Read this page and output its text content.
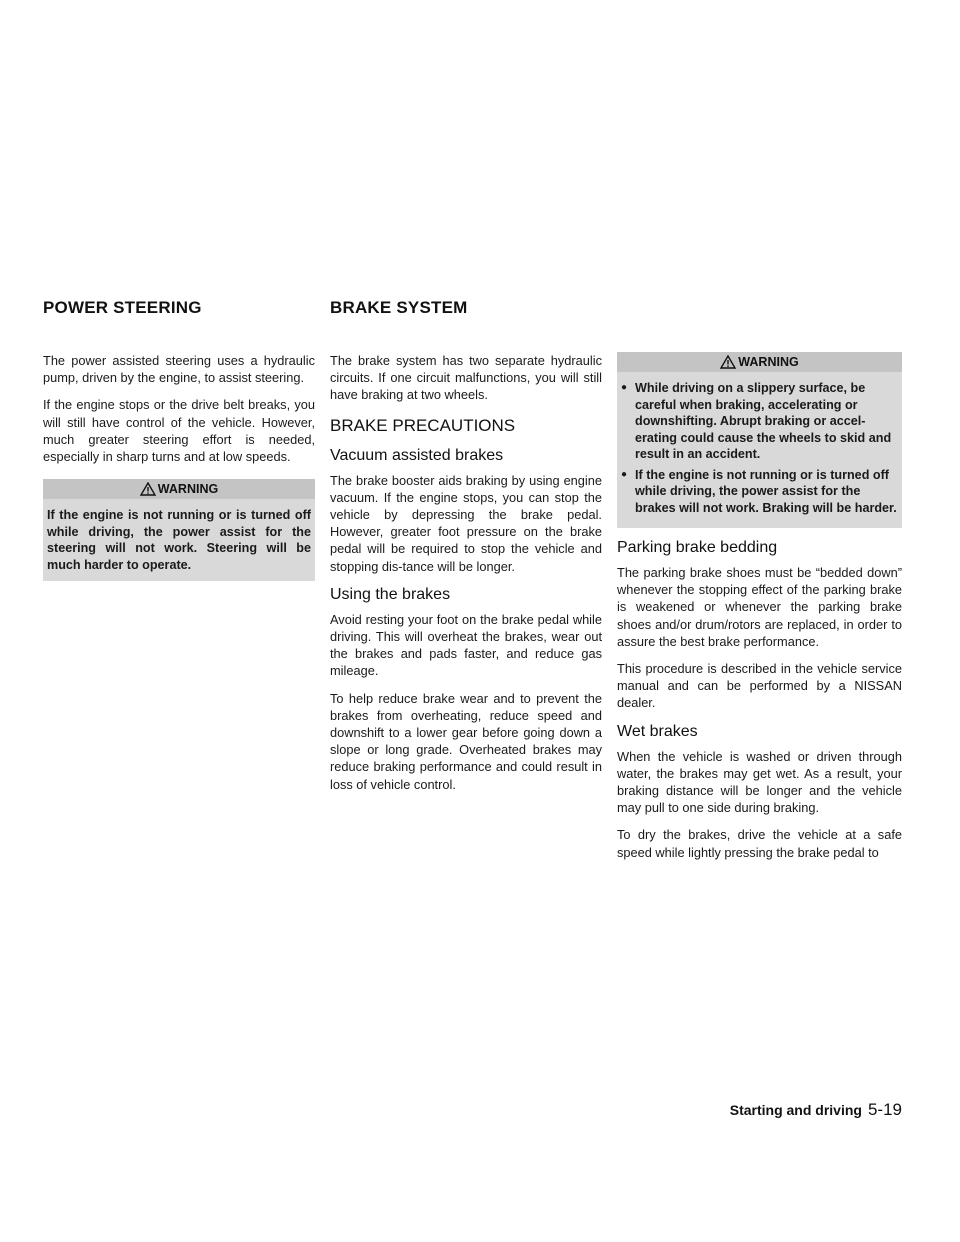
POWER STEERING	BRAKE SYSTEM

The power assisted steering uses a hydraulic pump, driven by the engine, to assist steering.

If the engine stops or the drive belt breaks, you will still have control of the vehicle. However, much greater steering effort is needed, especially in sharp turns and at low speeds.

WARNING

If the engine is not running or is turned off while driving, the power assist for the steering will not work. Steering will be much harder to operate.

The brake system has two separate hydraulic circuits. If one circuit malfunctions, you will still have braking at two wheels.

BRAKE PRECAUTIONS
Vacuum assisted brakes

The brake booster aids braking by using engine vacuum. If the engine stops, you can stop the vehicle by depressing the brake pedal. However, greater foot pressure on the brake pedal will be required to stop the vehicle and stopping dis-tance will be longer.

Using the brakes

Avoid resting your foot on the brake pedal while driving. This will overheat the brakes, wear out the brakes and pads faster, and reduce gas mileage.

To help reduce brake wear and to prevent the brakes from overheating, reduce speed and downshift to a lower gear before going down a slope or long grade. Overheated brakes may reduce braking performance and could result in loss of vehicle control.

WARNING
● While driving on a slippery surface, be careful when braking, accelerating or downshifting. Abrupt braking or accel-erating could cause the wheels to skid and result in an accident.
● If the engine is not running or is turned off while driving, the power assist for the brakes will not work. Braking will be harder.
Parking brake bedding

The parking brake shoes must be “bedded down” whenever the stopping effect of the parking brake is weakened or whenever the parking brake shoes and/or drum/rotors are replaced, in order to assure the best brake performance.

This procedure is described in the vehicle service manual and can be performed by a NISSAN dealer.

Wet brakes

When the vehicle is washed or driven through water, the brakes may get wet. As a result, your braking distance will be longer and the vehicle may pull to one side during braking.

To dry the brakes, drive the vehicle at a safe speed while lightly pressing the brake pedal to

Starting and driving 5-19
